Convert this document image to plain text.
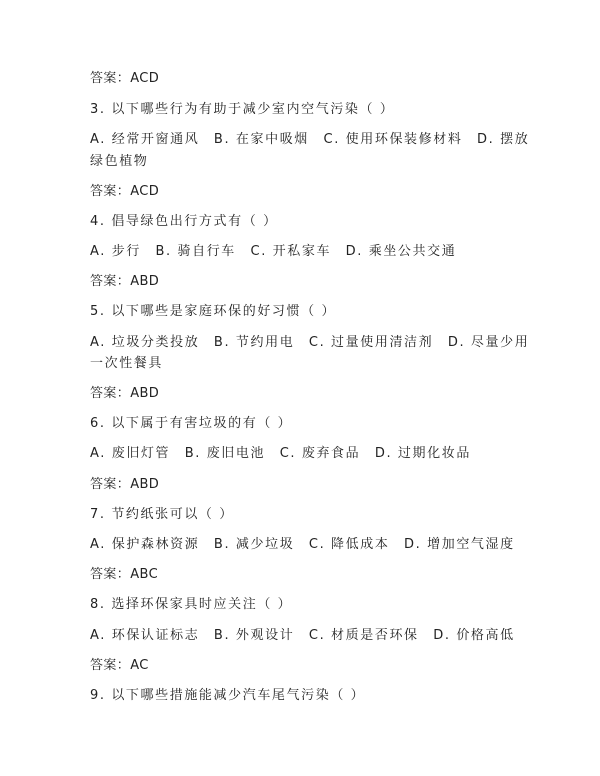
答案：ACD
3. 以下哪些行为有助于减少室内空气污染（ ）
A. 经常开窗通风　B. 在家中吸烟　C. 使用环保装修材料　D. 摆放
绿色植物
答案：ACD
4. 倡导绿色出行方式有（ ）
A. 步行　B. 骑自行车　C. 开私家车　D. 乘坐公共交通
答案：ABD
5. 以下哪些是家庭环保的好习惯（ ）
A. 垃圾分类投放　B. 节约用电　C. 过量使用清洁剂　D. 尽量少用
一次性餐具
答案：ABD
6. 以下属于有害垃圾的有（ ）
A. 废旧灯管　B. 废旧电池　C. 废弃食品　D. 过期化妆品
答案：ABD
7. 节约纸张可以（ ）
A. 保护森林资源　B. 减少垃圾　C. 降低成本　D. 增加空气湿度
答案：ABC
8. 选择环保家具时应关注（ ）
A. 环保认证标志　B. 外观设计　C. 材质是否环保　D. 价格高低
答案：AC
9. 以下哪些措施能减少汽车尾气污染（ ）
